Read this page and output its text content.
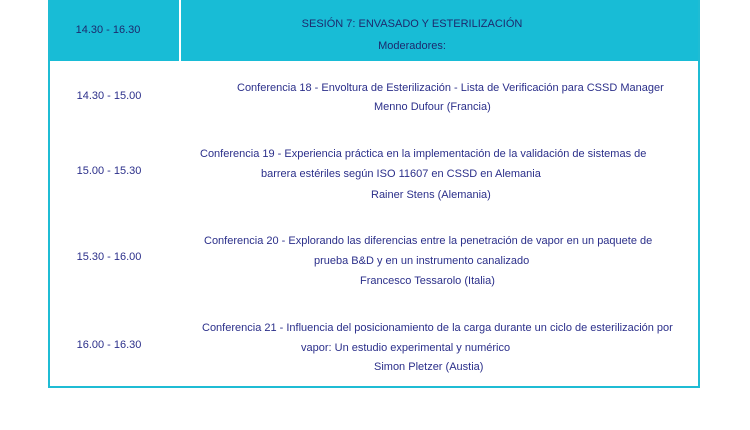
14.30 - 16.30	SESIÓN 7: ENVASADO Y ESTERILIZACIÓN
Moderadores:
14.30 - 15.00
Conferencia 18 - Envoltura de Esterilización - Lista de Verificación para CSSD Manager
Menno Dufour (Francia)
15.00 - 15.30
Conferencia 19 - Experiencia práctica en la implementación de la validación de sistemas de
barrera estériles según ISO 11607 en CSSD en Alemania
Rainer Stens (Alemania)
15.30 - 16.00
Conferencia 20 - Explorando las diferencias entre la penetración de vapor en un paquete de
prueba B&D y en un instrumento canalizado
Francesco Tessarolo (Italia)
16.00 - 16.30
Conferencia 21 - Influencia del posicionamiento de la carga durante un ciclo de esterilización por
vapor: Un estudio experimental y numérico
Simon Pletzer (Austia)
